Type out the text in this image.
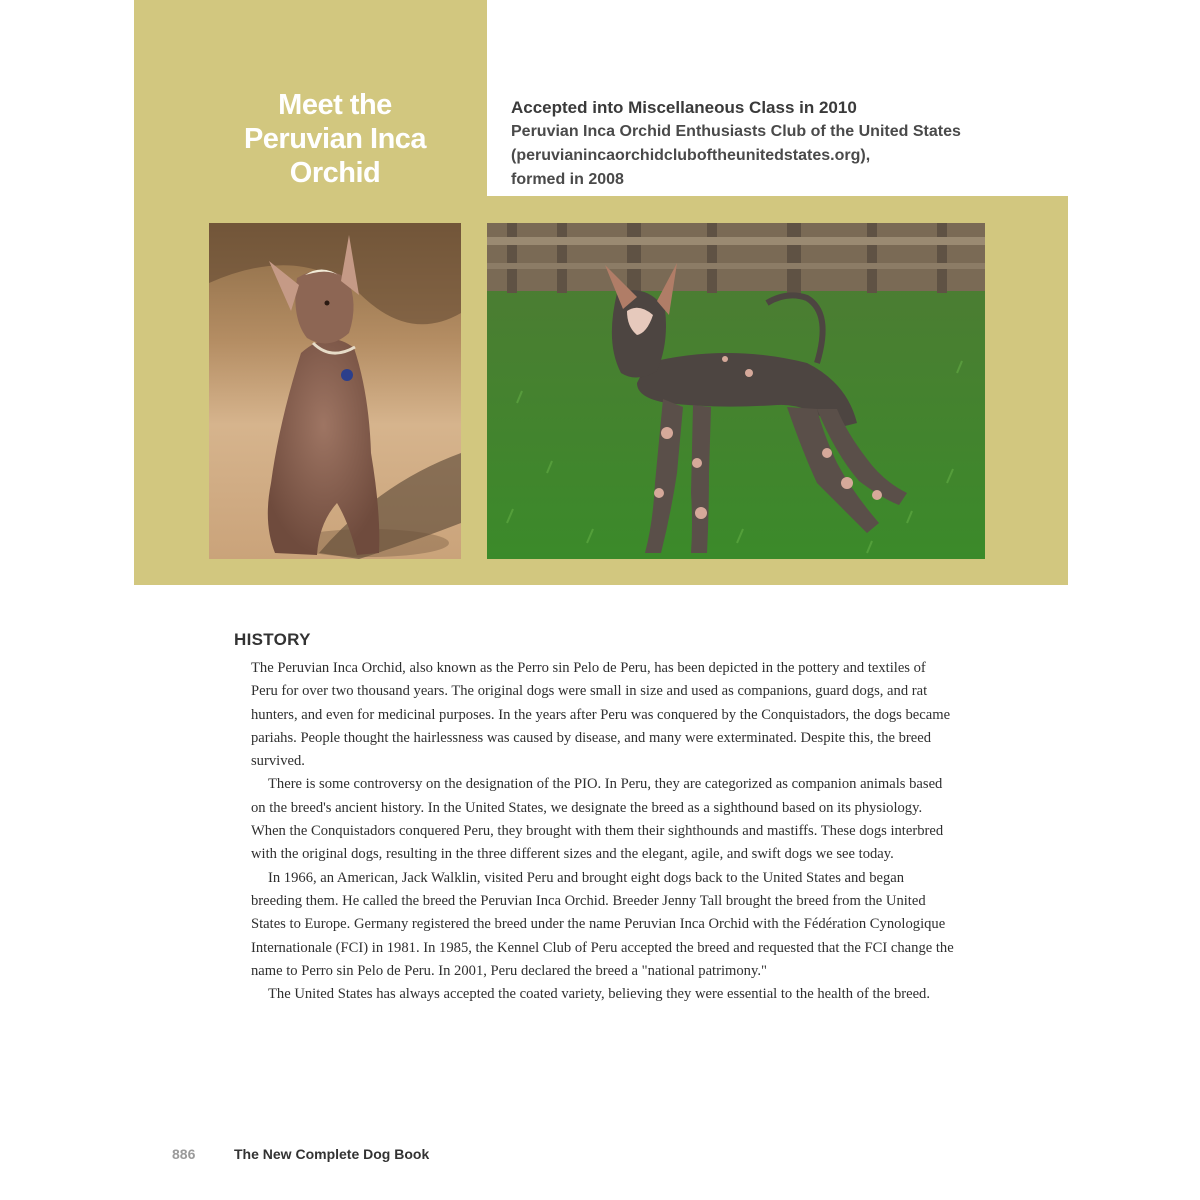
Meet the
Peruvian Inca
Orchid
Accepted into Miscellaneous Class in 2010
Peruvian Inca Orchid Enthusiasts Club of the United States
(peruvianincaorchidcluboftheunitedstates.org),
formed in 2008
HISTORY

The Peruvian Inca Orchid, also known as the Perro sin Pelo de Peru, has been depicted in the pottery and textiles of Peru for over two thousand years. The original dogs were small in size and used as companions, guard dogs, and rat hunters, and even for medicinal purposes. In the years after Peru was conquered by the Conquistadors, the dogs became pariahs. People thought the hairlessness was caused by disease, and many were exterminated. Despite this, the breed survived.

There is some controversy on the designation of the PIO. In Peru, they are categorized as companion animals based on the breed's ancient history. In the United States, we designate the breed as a sighthound based on its physiology. When the Conquistadors conquered Peru, they brought with them their sighthounds and mastiffs. These dogs interbred with the original dogs, resulting in the three different sizes and the elegant, agile, and swift dogs we see today.

In 1966, an American, Jack Walklin, visited Peru and brought eight dogs back to the United States and began breeding them. He called the breed the Peruvian Inca Orchid. Breeder Jenny Tall brought the breed from the United States to Europe. Germany registered the breed under the name Peruvian Inca Orchid with the Fédération Cynologique Internationale (FCI) in 1981. In 1985, the Kennel Club of Peru accepted the breed and requested that the FCI change the name to Perro sin Pelo de Peru. In 2001, Peru declared the breed a "national patrimony."

The United States has always accepted the coated variety, believing they were essential to the health of the breed.

886	The New Complete Dog Book
